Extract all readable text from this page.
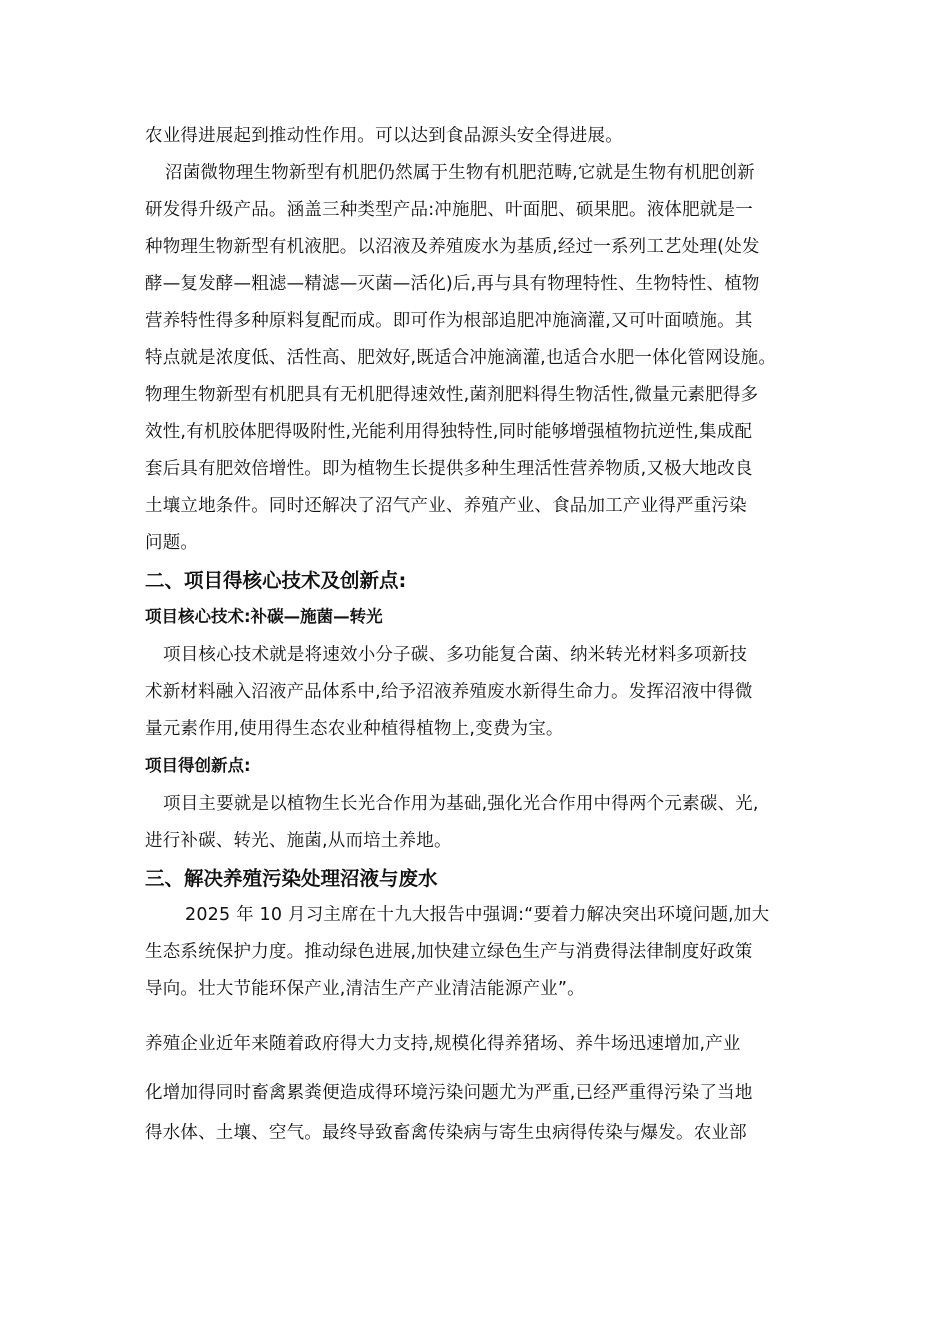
农业得进展起到推动性作用。可以达到食品源头安全得进展。
沼菌微物理生物新型有机肥仍然属于生物有机肥范畴,它就是生物有机肥创新
研发得升级产品。涵盖三种类型产品:冲施肥、叶面肥、硕果肥。液体肥就是一
种物理生物新型有机液肥。以沼液及养殖废水为基质,经过一系列工艺处理(处发
酵—复发酵—粗滤—精滤—灭菌—活化)后,再与具有物理特性、生物特性、植物
营养特性得多种原料复配而成。即可作为根部追肥冲施滴灌,又可叶面喷施。其
特点就是浓度低、活性高、肥效好,既适合冲施滴灌,也适合水肥一体化管网设施。
物理生物新型有机肥具有无机肥得速效性,菌剂肥料得生物活性,微量元素肥得多
效性,有机胶体肥得吸附性,光能利用得独特性,同时能够增强植物抗逆性,集成配
套后具有肥效倍增性。即为植物生长提供多种生理活性营养物质,又极大地改良
土壤立地条件。同时还解决了沼气产业、养殖产业、食品加工产业得严重污染
问题。
二、项目得核心技术及创新点:
项目核心技术:补碳—施菌—转光
项目核心技术就是将速效小分子碳、多功能复合菌、纳米转光材料多项新技
术新材料融入沼液产品体系中,给予沼液养殖废水新得生命力。发挥沼液中得微
量元素作用,使用得生态农业种植得植物上,变费为宝。
项目得创新点:
项目主要就是以植物生长光合作用为基础,强化光合作用中得两个元素碳、光,
进行补碳、转光、施菌,从而培土养地。
三、解决养殖污染处理沼液与废水
2025 年 10 月习主席在十九大报告中强调:“要着力解决突出环境问题,加大
生态系统保护力度。推动绿色进展,加快建立绿色生产与消费得法律制度好政策
导向。壮大节能环保产业,清洁生产产业清洁能源产业”。
养殖企业近年来随着政府得大力支持,规模化得养猪场、养牛场迅速增加,产业
化增加得同时畜禽累粪便造成得环境污染问题尤为严重,已经严重得污染了当地
得水体、土壤、空气。最终导致畜禽传染病与寄生虫病得传染与爆发。农业部
